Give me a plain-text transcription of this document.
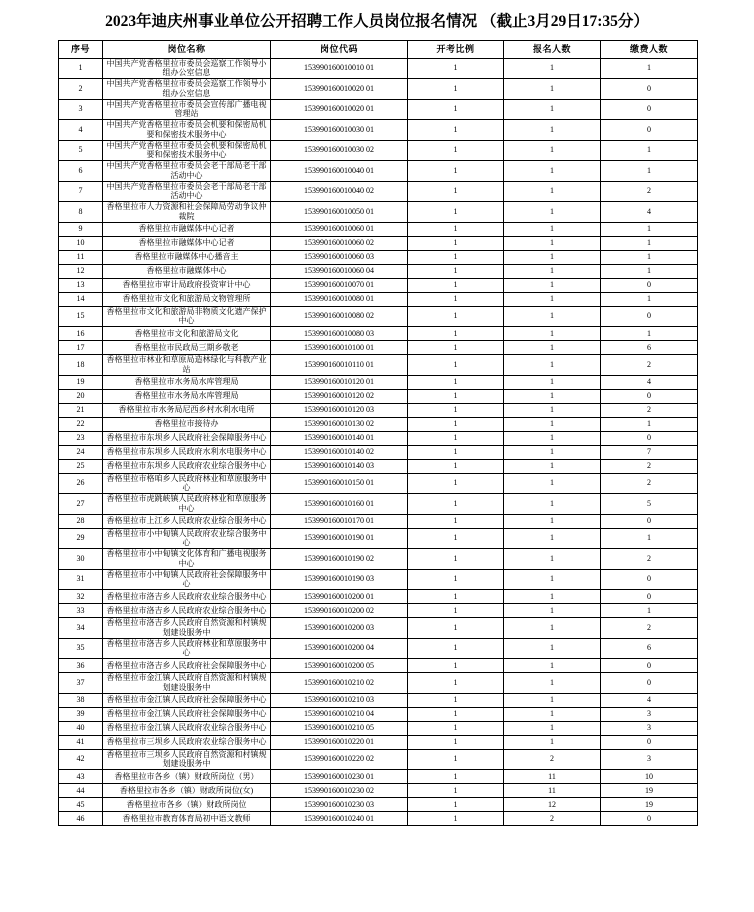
2023年迪庆州事业单位公开招聘工作人员岗位报名情况 （截止3月29日17:35分）
序号	岗位名称	岗位代码	开考比例	报名人数	缴费人数
1	中国共产党香格里拉市委员会巡察工作领导小组办公室信息	153990160010010 01	1	1	1
2	中国共产党香格里拉市委员会巡察工作领导小组办公室信息	153990160010020 01	1	1	0
3	中国共产党香格里拉市委员会宣传部广播电视管理站	153990160010020 01	1	1	0
4	中国共产党香格里拉市委员会机要和保密局机要和保密技术服务中心	153990160010030 01	1	1	0
5	中国共产党香格里拉市委员会机要和保密局机要和保密技术服务中心	153990160010030 02	1	1	1
6	中国共产党香格里拉市委员会老干部局老干部活动中心	153990160010040 01	1	1	1
7	中国共产党香格里拉市委员会老干部局老干部活动中心	153990160010040 02	1	1	2
8	香格里拉市人力资源和社会保障局劳动争议仲裁院	153990160010050 01	1	1	4
9	香格里拉市融媒体中心记者	153990160010060 01	1	1	1
10	香格里拉市融媒体中心记者	153990160010060 02	1	1	1
11	香格里拉市融媒体中心播音主	153990160010060 03	1	1	1
12	香格里拉市融媒体中心	153990160010060 04	1	1	1
13	香格里拉市审计局政府投资审计中心	153990160010070 01	1	1	0
14	香格里拉市文化和旅游局文物管理所	153990160010080 01	1	1	1
15	香格里拉市文化和旅游局非物质文化遗产保护中心	153990160010080 02	1	1	0
16	香格里拉市文化和旅游局文化	153990160010080 03	1	1	1
17	香格里拉市民政局三期乡敬老	153990160010100 01	1	1	6
18	香格里拉市林业和草原局造林绿化与科教产业站	153990160010110 01	1	1	2
19	香格里拉市水务局水库管理局	153990160010120 01	1	1	4
20	香格里拉市水务局水库管理局	153990160010120 02	1	1	0
21	香格里拉市水务局尼西乡村水利水电所	153990160010120 03	1	1	2
22	香格里拉市接待办	153990160010130 02	1	1	1
23	香格里拉市东坝乡人民政府社会保障服务中心	153990160010140 01	1	1	0
24	香格里拉市东坝乡人民政府水利水电服务中心	153990160010140 02	1	1	7
25	香格里拉市东坝乡人民政府农业综合服务中心	153990160010140 03	1	1	2
26	香格里拉市格咱乡人民政府林业和草原服务中心	153990160010150 01	1	1	2
27	香格里拉市虎跳峡镇人民政府林业和草原服务中心	153990160010160 01	1	1	5
28	香格里拉市上江乡人民政府农业综合服务中心	153990160010170 01	1	1	0
29	香格里拉市小中甸镇人民政府农业综合服务中心	153990160010190 01	1	1	1
30	香格里拉市小中甸镇文化体育和广播电视服务中心	153990160010190 02	1	1	2
31	香格里拉市小中甸镇人民政府社会保障服务中心	153990160010190 03	1	1	0
32	香格里拉市洛吉乡人民政府农业综合服务中心	153990160010200 01	1	1	0
33	香格里拉市洛吉乡人民政府农业综合服务中心	153990160010200 02	1	1	1
34	香格里拉市洛吉乡人民政府自然资源和村镇规划建设服务中	153990160010200 03	1	1	2
35	香格里拉市洛吉乡人民政府林业和草原服务中心	153990160010200 04	1	1	6
36	香格里拉市洛吉乡人民政府社会保障服务中心	153990160010200 05	1	1	0
37	香格里拉市金江镇人民政府自然资源和村镇规划建设服务中	153990160010210 02	1	1	0
38	香格里拉市金江镇人民政府社会保障服务中心	153990160010210 03	1	1	4
39	香格里拉市金江镇人民政府社会保障服务中心	153990160010210 04	1	1	3
40	香格里拉市金江镇人民政府农业综合服务中心	153990160010210 05	1	1	3
41	香格里拉市三坝乡人民政府农业综合服务中心	153990160010220 01	1	1	0
42	香格里拉市三坝乡人民政府自然资源和村镇规划建设服务中	153990160010220 02	1	2	3
43	香格里拉市各乡（镇）财政所岗位（男）	153990160010230 01	1	11	10
44	香格里拉市各乡（镇）财政所岗位(女)	153990160010230 02	1	11	19
45	香格里拉市各乡（镇）财政所岗位	153990160010230 03	1	12	19
46	香格里拉市教育体育局初中语文教师	153990160010240 01	1	2	0
